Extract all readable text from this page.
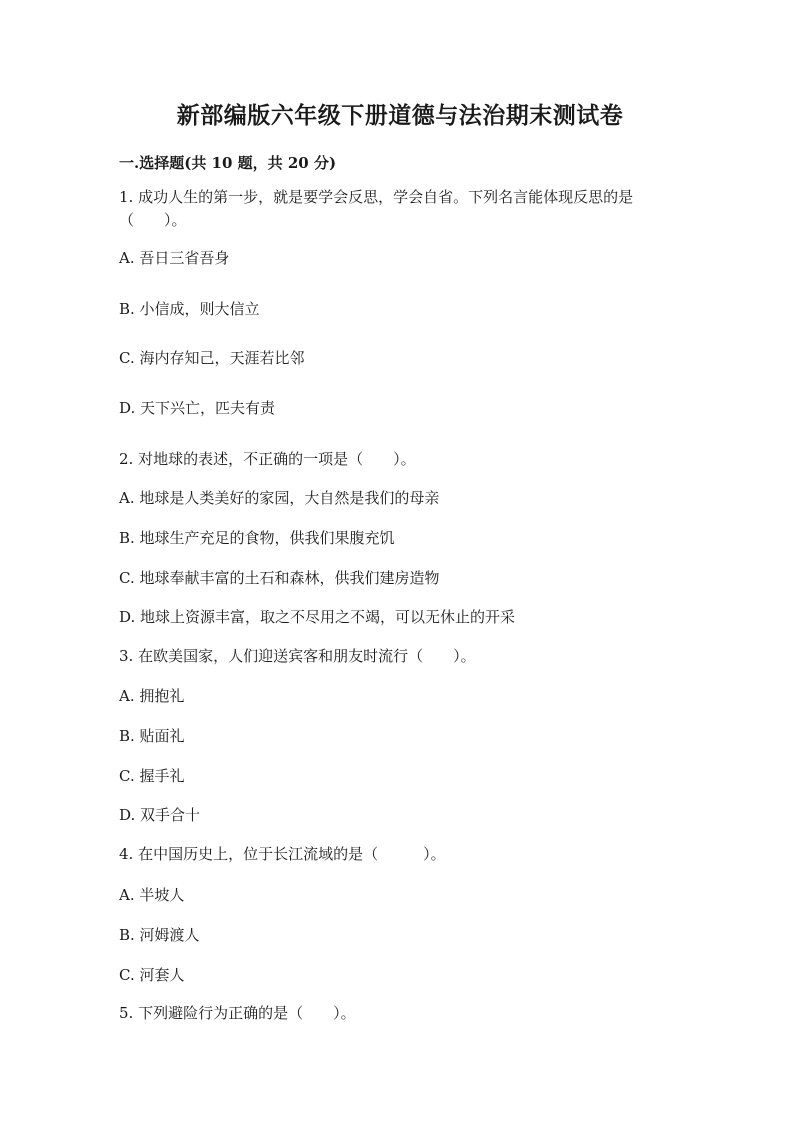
新部编版六年级下册道德与法治期末测试卷
一.选择题(共 10 题，共 20 分)
1. 成功人生的第一步，就是要学会反思，学会自省。下列名言能体现反思的是（　　）。
A. 吾日三省吾身
B. 小信成，则大信立
C. 海内存知己，天涯若比邻
D. 天下兴亡，匹夫有责
2. 对地球的表述，不正确的一项是（　　）。
A. 地球是人类美好的家园，大自然是我们的母亲
B. 地球生产充足的食物，供我们果腹充饥
C. 地球奉献丰富的土石和森林，供我们建房造物
D. 地球上资源丰富，取之不尽用之不竭，可以无休止的开采
3. 在欧美国家，人们迎送宾客和朋友时流行（　　）。
A. 拥抱礼
B. 贴面礼
C. 握手礼
D. 双手合十
4. 在中国历史上，位于长江流域的是（　　　）。
A. 半坡人
B. 河姆渡人
C. 河套人
5. 下列避险行为正确的是（　　）。
